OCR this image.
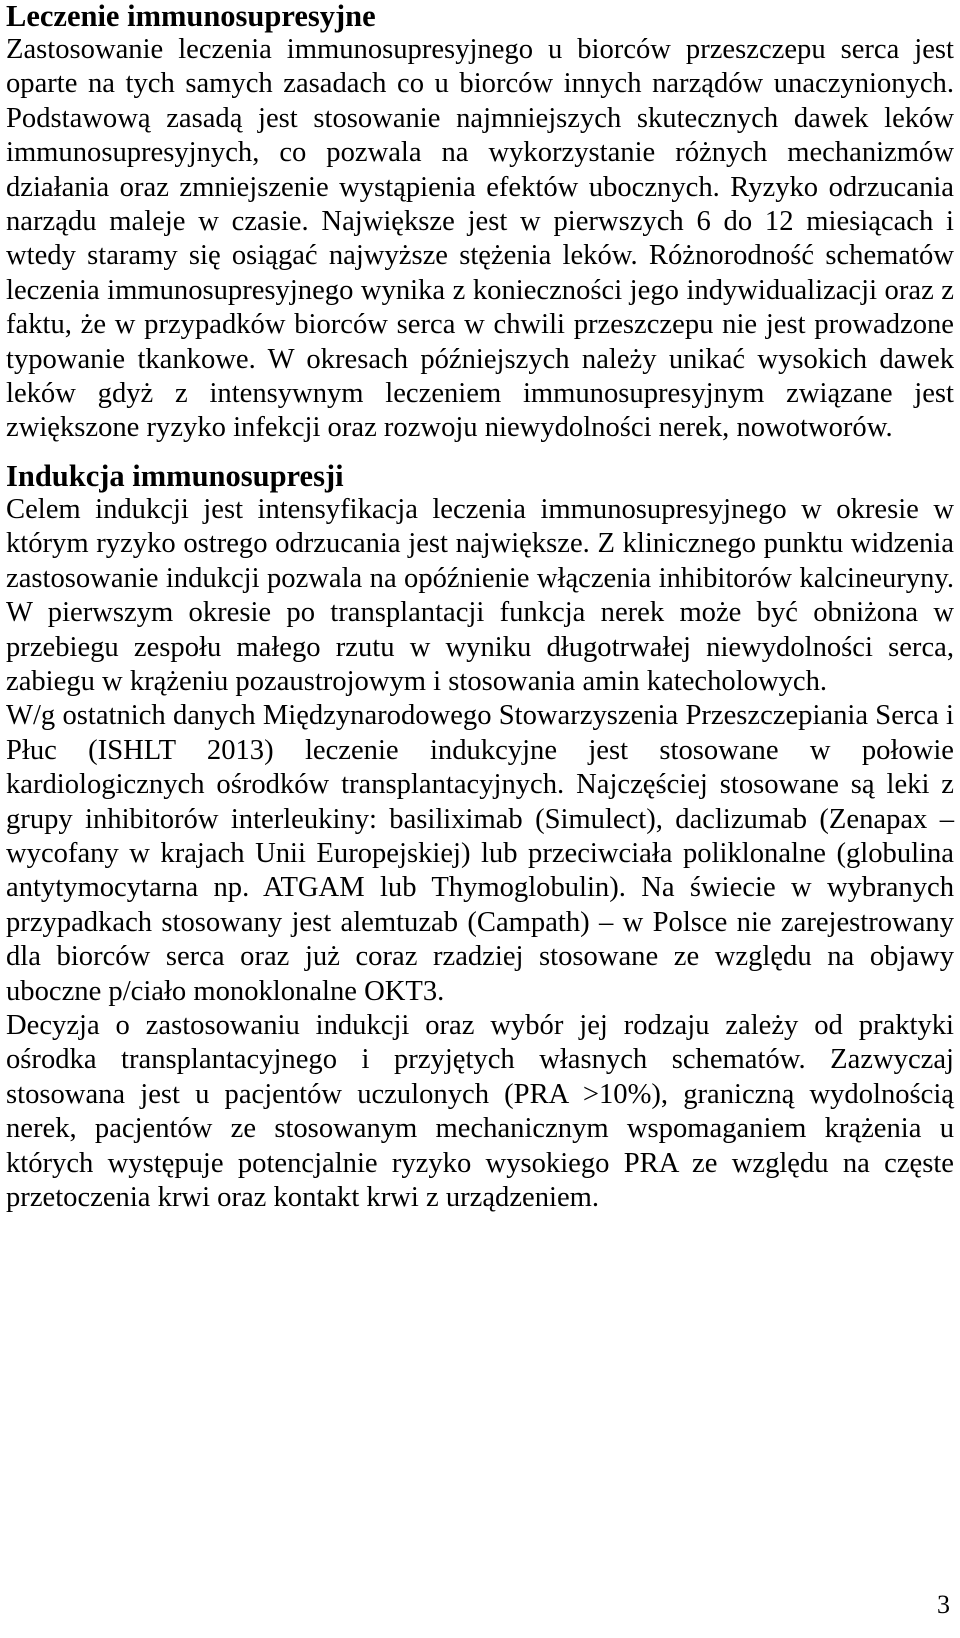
Leczenie immunosupresyjne

Zastosowanie leczenia immunosupresyjnego u biorców przeszczepu serca jest oparte na tych samych zasadach co u biorców innych narządów unaczynionych. Podstawową zasadą jest stosowanie najmniejszych skutecznych dawek leków immunosupresyjnych, co pozwala na wykorzystanie różnych mechanizmów działania oraz zmniejszenie wystąpienia efektów ubocznych. Ryzyko odrzucania narządu maleje w czasie. Największe jest w pierwszych 6 do 12 miesiącach i wtedy staramy się osiągać najwyższe stężenia leków. Różnorodność schematów leczenia immunosupresyjnego wynika z konieczności jego indywidualizacji oraz z faktu, że w przypadków biorców serca w chwili przeszczepu nie jest prowadzone typowanie tkankowe. W okresach późniejszych należy unikać wysokich dawek leków gdyż z intensywnym leczeniem immunosupresyjnym związane jest zwiększone ryzyko infekcji oraz rozwoju niewydolności nerek, nowotworów.

Indukcja immunosupresji

Celem indukcji jest intensyfikacja leczenia immunosupresyjnego w okresie w którym ryzyko ostrego odrzucania jest największe. Z klinicznego punktu widzenia zastosowanie indukcji pozwala na opóźnienie włączenia inhibitorów kalcineuryny. W pierwszym okresie po transplantacji funkcja nerek może być obniżona w przebiegu zespołu małego rzutu w wyniku długotrwałej niewydolności serca, zabiegu w krążeniu pozaustrojowym i stosowania amin katecholowych.

W/g ostatnich danych Międzynarodowego Stowarzyszenia Przeszczepiania Serca i Płuc (ISHLT 2013) leczenie indukcyjne jest stosowane w połowie kardiologicznych ośrodków transplantacyjnych. Najczęściej stosowane są leki z grupy inhibitorów interleukiny: basiliximab (Simulect), daclizumab (Zenapax – wycofany w krajach Unii Europejskiej) lub przeciwciała poliklonalne (globulina antytymocytarna np. ATGAM lub Thymoglobulin). Na świecie w wybranych przypadkach stosowany jest alemtuzab (Campath) – w Polsce nie zarejestrowany dla biorców serca oraz już coraz rzadziej stosowane ze względu na objawy uboczne p/ciało monoklonalne OKT3.

Decyzja o zastosowaniu indukcji oraz wybór jej rodzaju zależy od praktyki ośrodka transplantacyjnego i przyjętych własnych schematów. Zazwyczaj stosowana jest u pacjentów uczulonych (PRA >10%), graniczną wydolnością nerek, pacjentów ze stosowanym mechanicznym wspomaganiem krążenia u których występuje potencjalnie ryzyko wysokiego PRA ze względu na częste przetoczenia krwi oraz kontakt krwi z urządzeniem.

3
